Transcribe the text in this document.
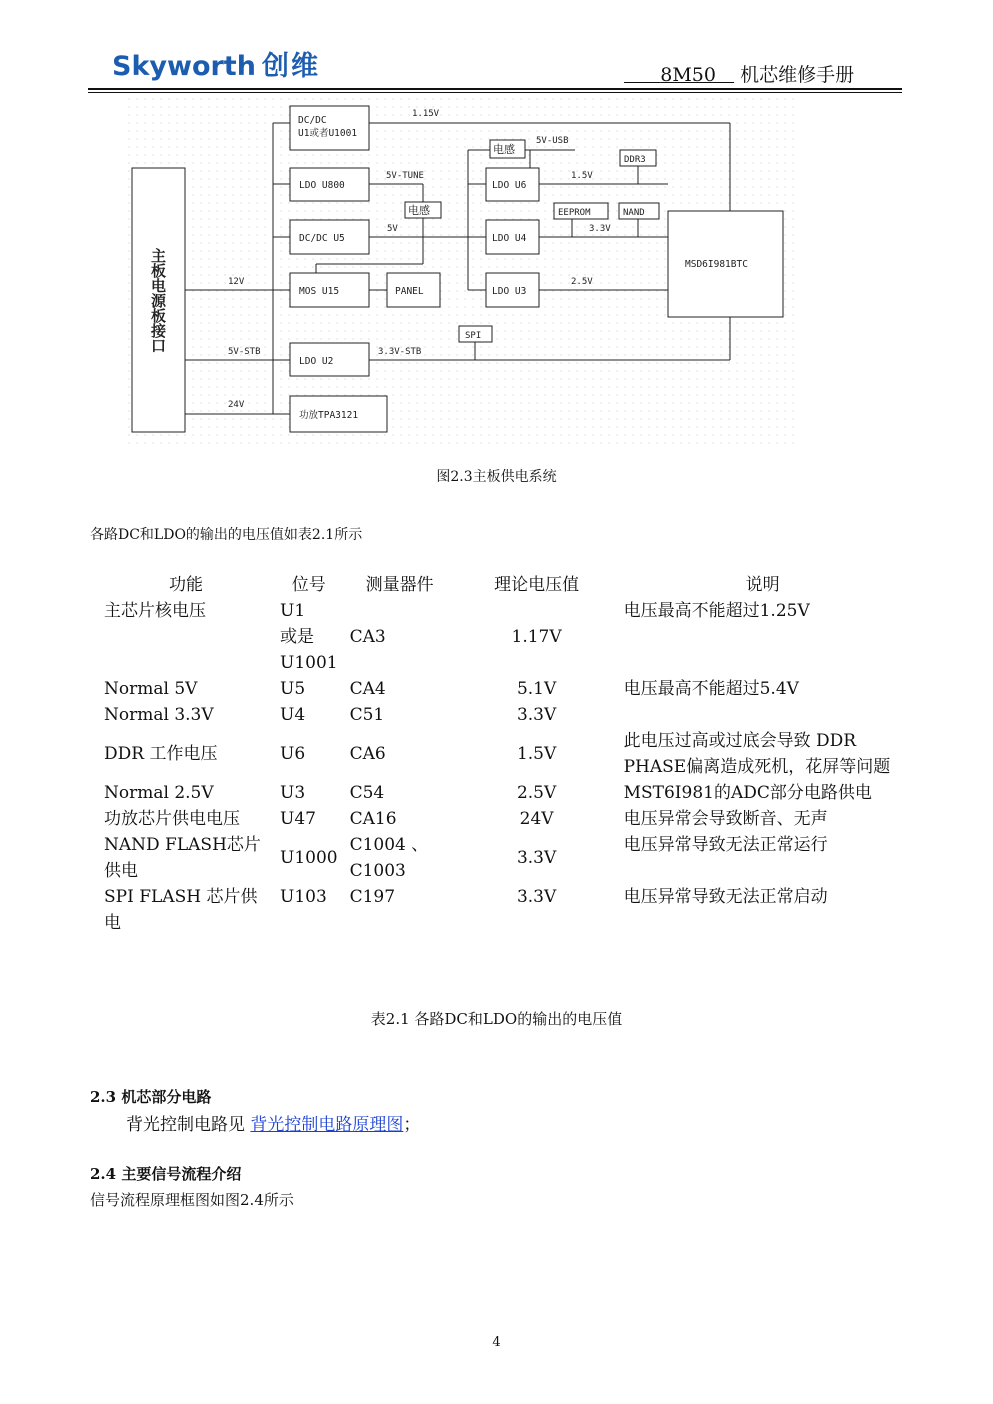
Skyworth 创维	8M50 机芯维修手册
主板电源板接口
DC/DC
U1或者U1001
LDO U800
DC/DC U5
MOS U15	PANEL
LDO U2
功放TPA3121
电感
电感
LDO U6
LDO U4
LDO U3
DDR3
EEPROM	NAND
SPI
MSD6I981BTC
1.15V
5V-USB
5V-TUNE	1.5V
5V	3.3V
12V	2.5V
5V-STB	3.3V-STB
24V
图2.3主板供电系统
各路DC和LDO的输出的电压值如表2.1所示
功能	位号	测量器件	理论电压值	说明
主芯片核电压	U1			电压最高不能超过1.25V
	或是	CA3	1.17V	
	U1001			
Normal 5V	U5	CA4	5.1V	电压最高不能超过5.4V
Normal 3.3V	U4	C51	3.3V	
DDR 工作电压	U6	CA6	1.5V	此电压过高或过底会导致 DDR PHASE偏离造成死机，花屏等问题
Normal 2.5V	U3	C54	2.5V	MST6I981的ADC部分电路供电
功放芯片供电电压	U47	CA16	24V	电压异常会导致断音、无声
NAND FLASH芯片供电	U1000	C1004 、C1003	3.3V	电压异常导致无法正常运行
SPI FLASH 芯片供电	U103	C197	3.3V	电压异常导致无法正常启动
表2.1 各路DC和LDO的输出的电压值
2.3 机芯部分电路
背光控制电路见 背光控制电路原理图；
2.4 主要信号流程介绍
信号流程原理框图如图2.4所示
4
